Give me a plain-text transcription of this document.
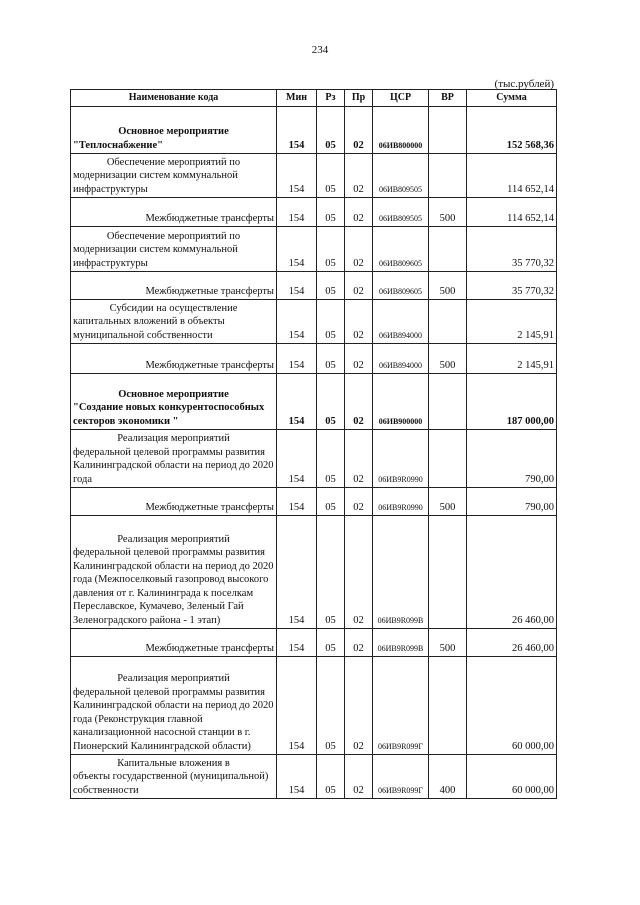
234
(тыс.рублей)
Наименование кода	Мин	Рз	Пр	ЦСР	ВР	Сумма

Основное мероприятие
"Теплоснабжение"	154	05	02	06ИВ800000		152 568,36

Обеспечение мероприятий по
модернизации систем коммунальной инфраструктуры	154	05	02	06ИВ809505		114 652,14
Межбюджетные трансферты	154	05	02	06ИВ809505	500	114 652,14

Обеспечение мероприятий по
модернизации систем коммунальной инфраструктуры	154	05	02	06ИВ809605		35 770,32
Межбюджетные трансферты	154	05	02	06ИВ809605	500	35 770,32

Субсидии на осуществление
капитальных вложений в объекты муниципальной собственности	154	05	02	06ИВ894000		2 145,91
Межбюджетные трансферты	154	05	02	06ИВ894000	500	2 145,91

Основное мероприятие
"Создание новых конкурентоспособных секторов экономики "	154	05	02	06ИВ900000		187 000,00

Реализация мероприятий
федеральной целевой программы развития Калининградской области на период до 2020 года	154	05	02	06ИВ9R0990		790,00
Межбюджетные трансферты	154	05	02	06ИВ9R0990	500	790,00

Реализация мероприятий
федеральной целевой программы развития Калининградской области на период до 2020 года (Межпоселковый газопровод высокого давления от г. Калининграда к поселкам Переславское, Кумачево, Зеленый Гай Зеленоградского района - 1 этап)	154	05	02	06ИВ9R099В		26 460,00
Межбюджетные трансферты	154	05	02	06ИВ9R099В	500	26 460,00

Реализация мероприятий
федеральной целевой программы развития Калининградской области на период до 2020 года (Реконструкция главной канализационной насосной станции в г. Пионерский Калининградской области)	154	05	02	06ИВ9R099Г		60 000,00

Капитальные вложения в
объекты государственной (муниципальной) собственности	154	05	02	06ИВ9R099Г	400	60 000,00
